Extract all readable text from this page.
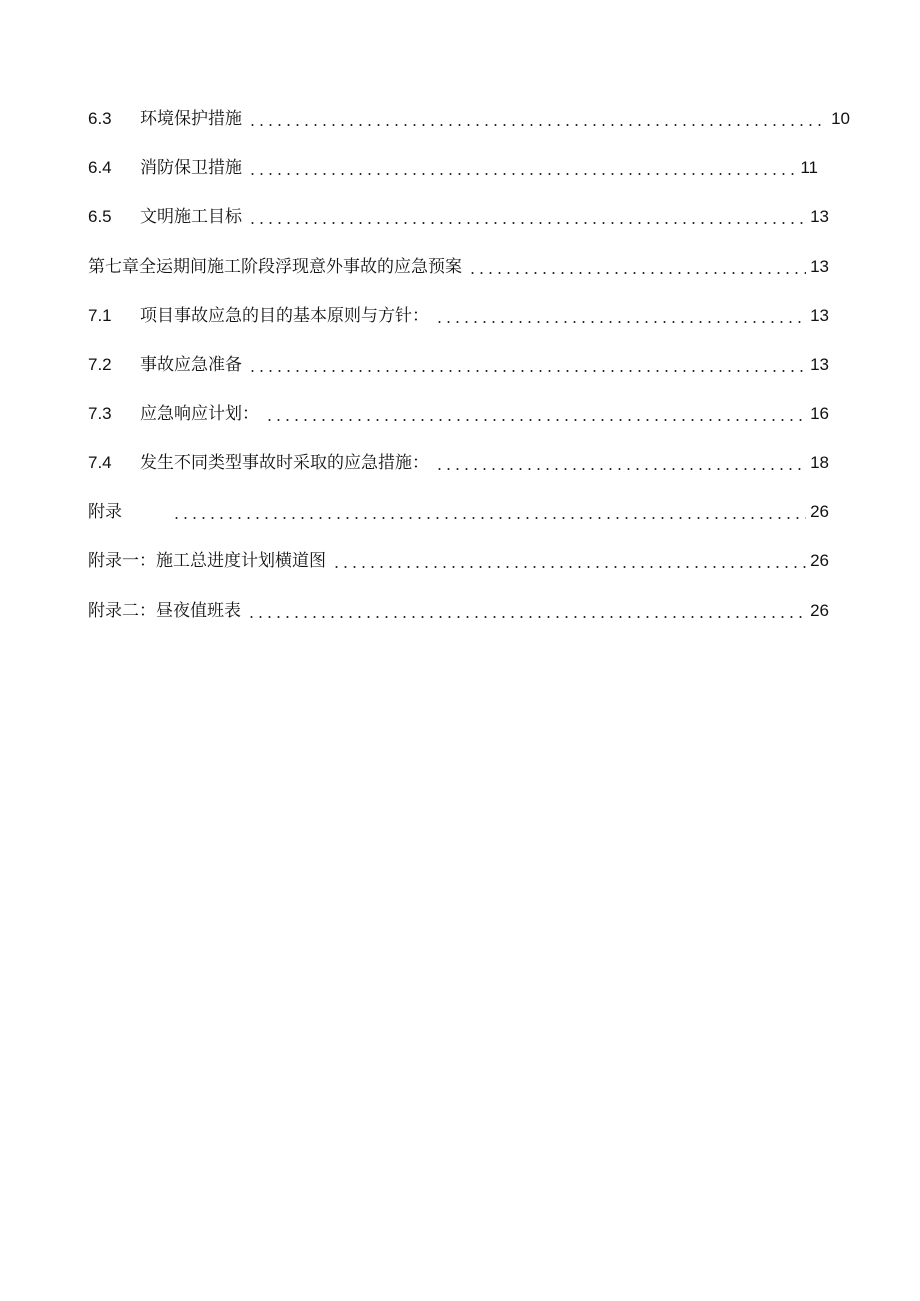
6.3	环境保护措施	10
6.4	消防保卫措施	11
6.5	文明施工目标	13
第七章全运期间施工阶段浮现意外事故的应急预案	13
7.1	项目事故应急的目的基本原则与方针：	13
7.2	事故应急准备	13
7.3	应急响应计划：	16
7.4	发生不同类型事故时采取的应急措施：	18
附录	26
附录一：施工总进度计划横道图	26
附录二：昼夜值班表	26
